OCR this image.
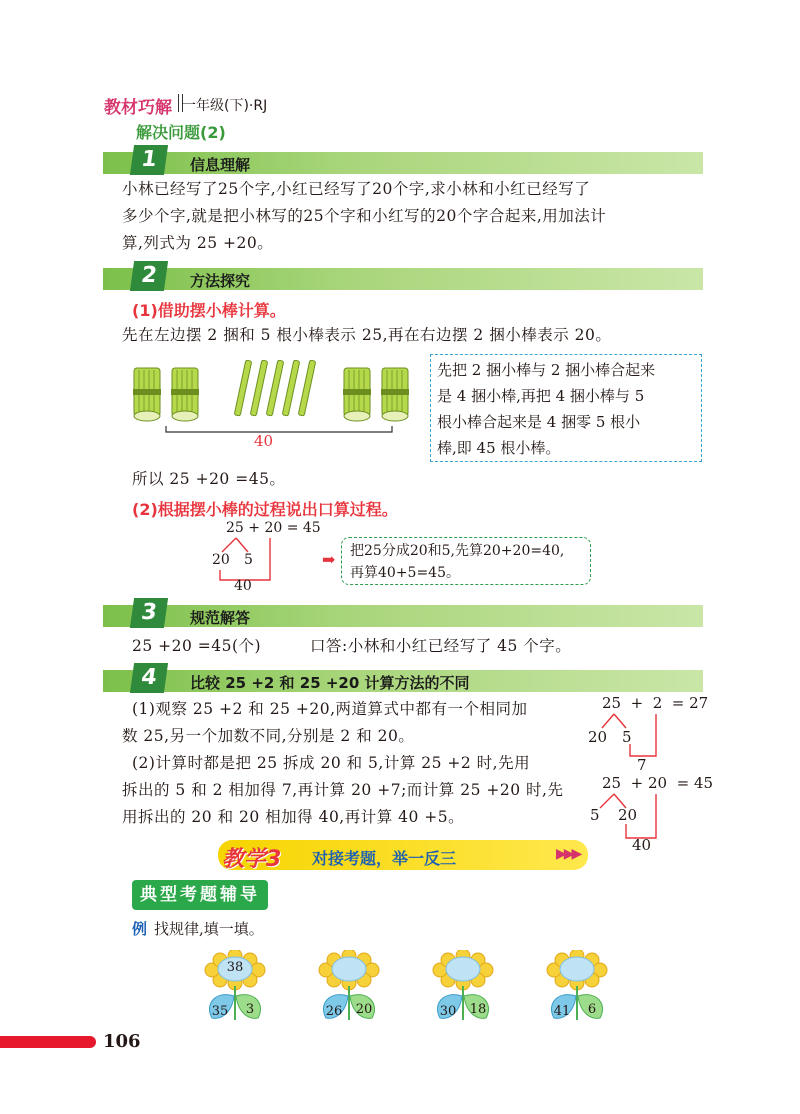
教材巧解 一年级(下)·RJ
解决问题(2)
1	信息理解
小林已经写了25个字,小红已经写了20个字,求小林和小红已经写了
多少个字,就是把小林写的25个字和小红写的20个字合起来,用加法计
算,列式为 25 +20。
2	方法探究
(1)借助摆小棒计算。
先在左边摆 2 捆和 5 根小棒表示 25,再在右边摆 2 捆小棒表示 20。
40
先把 2 捆小棒与 2 捆小棒合起来
是 4 捆小棒,再把 4 捆小棒与 5
根小棒合起来是 4 捆零 5 根小
棒,即 45 根小棒。
所以 25 +20 =45。
(2)根据摆小棒的过程说出口算过程。
25 + 20 = 45
20 5
40
➡ 把25分成20和5,先算20+20=40,
再算40+5=45。
3	规范解答
25 +20 =45(个)	口答:小林和小红已经写了 45 个字。
4	比较 25 +2 和 25 +20 计算方法的不同
(1)观察 25 +2 和 25 +20,两道算式中都有一个相同加
数 25,另一个加数不同,分别是 2 和 20。
(2)计算时都是把 25 拆成 20 和 5,计算 25 +2 时,先用
拆出的 5 和 2 相加得 7,再计算 20 +7;而计算 25 +20 时,先
用拆出的 20 和 20 相加得 40,再计算 40 +5。
25  +  2  = 27
20 5
7
25  + 20  = 45
5 20
40
教学3 对接考题，举一反三	▶▶▶
典型考题辅导
例 找规律,填一填。
38
35	3	26 20	30 18	41	6
106
